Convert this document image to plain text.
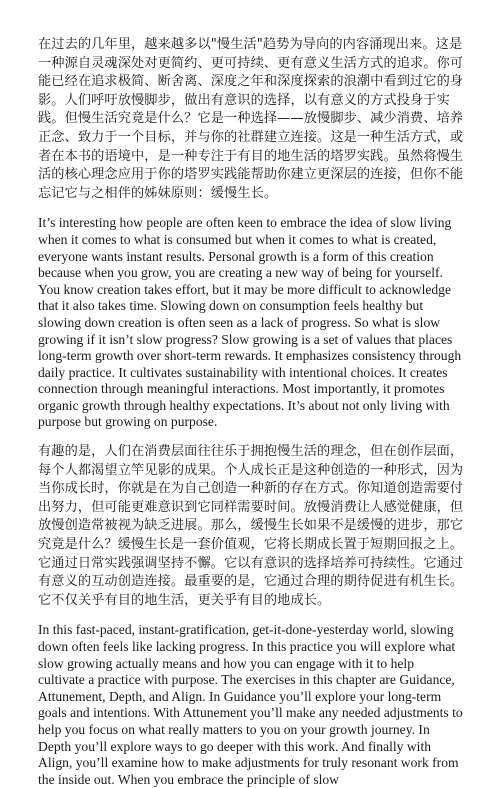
在过去的几年里，越来越多以"慢生活"趋势为导向的内容涌现出来。这是一种源自灵魂深处对更简约、更可持续、更有意义生活方式的追求。你可能已经在追求极简、断舍离、深度之年和深度探索的浪潮中看到过它的身影。人们呼吁放慢脚步，做出有意识的选择，以有意义的方式投身于实践。但慢生活究竟是什么？它是一种选择——放慢脚步、减少消费、培养正念、致力于一个目标，并与你的社群建立连接。这是一种生活方式，或者在本书的语境中，是一种专注于有目的地生活的塔罗实践。虽然将慢生活的核心理念应用于你的塔罗实践能帮助你建立更深层的连接，但你不能忘记它与之相伴的姊妹原则：缓慢生长。

It’s interesting how people are often keen to embrace the idea of slow living when it comes to what is consumed but when it comes to what is created, everyone wants instant results. Personal growth is a form of this creation because when you grow, you are creating a new way of being for yourself. You know creation takes effort, but it may be more difficult to acknowledge that it also takes time. Slowing down on consumption feels healthy but slowing down creation is often seen as a lack of progress. So what is slow growing if it isn’t slow progress? Slow growing is a set of values that places long-term growth over short-term rewards. It emphasizes consistency through daily practice. It cultivates sustainability with intentional choices. It creates connection through meaningful interactions. Most importantly, it promotes organic growth through healthy expectations. It’s about not only living with purpose but growing on purpose.

有趣的是，人们在消费层面往往乐于拥抱慢生活的理念，但在创作层面，每个人都渴望立竿见影的成果。个人成长正是这种创造的一种形式，因为当你成长时，你就是在为自己创造一种新的存在方式。你知道创造需要付出努力，但可能更难意识到它同样需要时间。放慢消费让人感觉健康，但放慢创造常被视为缺乏进展。那么，缓慢生长如果不是缓慢的进步，那它究竟是什么？缓慢生长是一套价值观，它将长期成长置于短期回报之上。它通过日常实践强调坚持不懈。它以有意识的选择培养可持续性。它通过有意义的互动创造连接。最重要的是，它通过合理的期待促进有机生长。它不仅关乎有目的地生活，更关乎有目的地成长。

In this fast-paced, instant-gratification, get-it-done-yesterday world, slowing down often feels like lacking progress. In this practice you will explore what slow growing actually means and how you can engage with it to help cultivate a practice with purpose. The exercises in this chapter are Guidance, Attunement, Depth, and Align. In Guidance you’ll explore your long-term goals and intentions. With Attunement you’ll make any needed adjustments to help you focus on what really matters to you on your growth journey. In Depth you’ll explore ways to go deeper with this work. And finally with Align, you’ll examine how to make adjustments for truly resonant work from the inside out. When you embrace the principle of slow
